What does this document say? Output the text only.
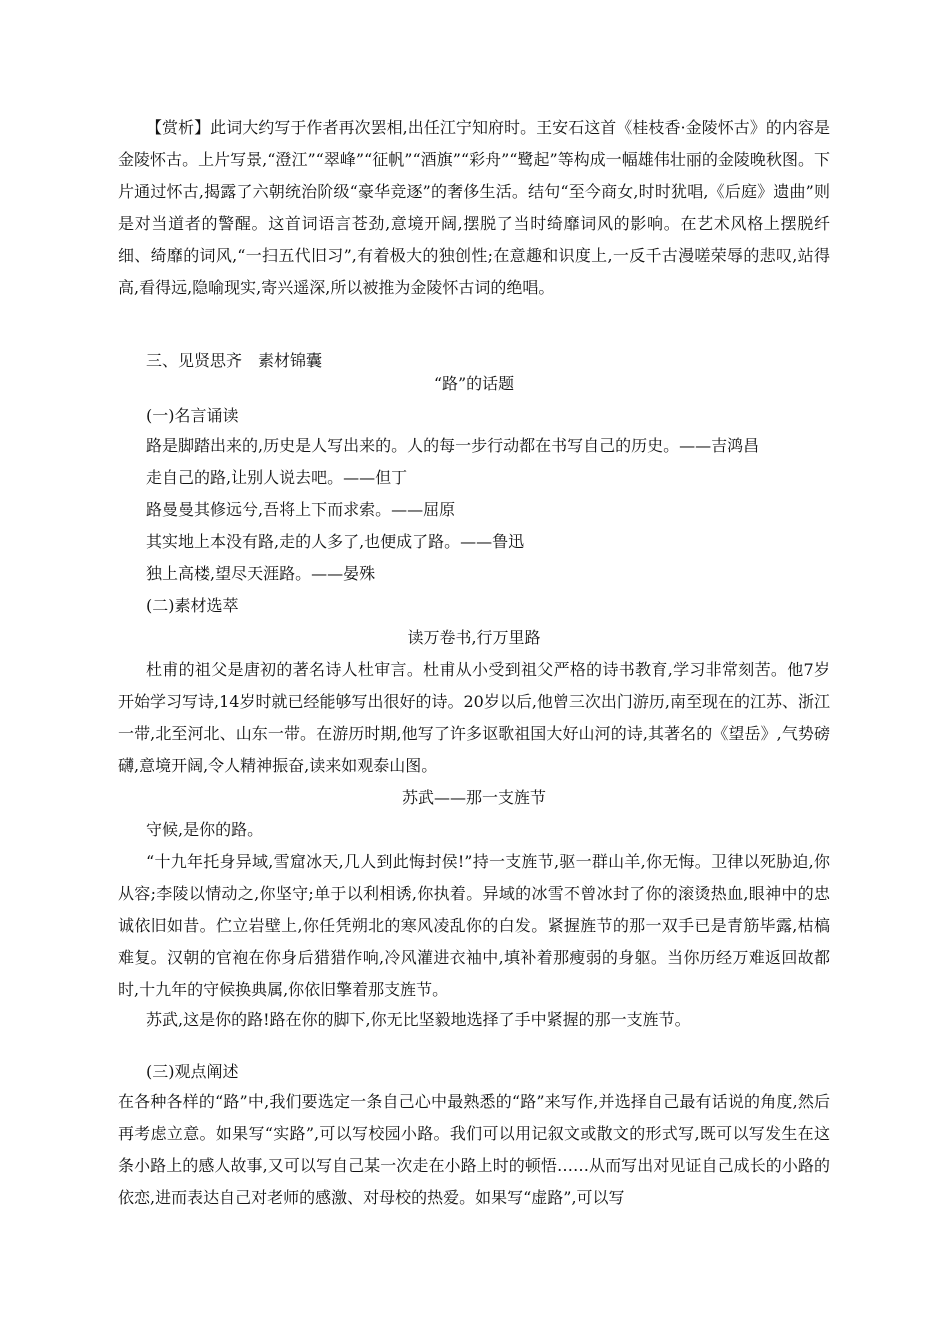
【赏析】此词大约写于作者再次罢相,出任江宁知府时。王安石这首《桂枝香·金陵怀古》的内容是金陵怀古。上片写景,“澄江”“翠峰”“征帆”“酒旗”“彩舟”“鹭起”等构成一幅雄伟壮丽的金陵晚秋图。下片通过怀古,揭露了六朝统治阶级“豪华竞逐”的奢侈生活。结句“至今商女,时时犹唱,《后庭》遗曲”则是对当道者的警醒。这首词语言苍劲,意境开阔,摆脱了当时绮靡词风的影响。在艺术风格上摆脱纤细、绮靡的词风,“一扫五代旧习”,有着极大的独创性;在意趣和识度上,一反千古漫嗟荣辱的悲叹,站得高,看得远,隐喻现实,寄兴遥深,所以被推为金陵怀古词的绝唱。

三、见贤思齐　素材锦囊

“路”的话题

(一)名言诵读

路是脚踏出来的,历史是人写出来的。人的每一步行动都在书写自己的历史。——吉鸿昌

走自己的路,让别人说去吧。——但丁

路曼曼其修远兮,吾将上下而求索。——屈原

其实地上本没有路,走的人多了,也便成了路。——鲁迅

独上高楼,望尽天涯路。——晏殊

(二)素材选萃

读万卷书,行万里路

杜甫的祖父是唐初的著名诗人杜审言。杜甫从小受到祖父严格的诗书教育,学习非常刻苦。他7岁开始学习写诗,14岁时就已经能够写出很好的诗。20岁以后,他曾三次出门游历,南至现在的江苏、浙江一带,北至河北、山东一带。在游历时期,他写了许多讴歌祖国大好山河的诗,其著名的《望岳》,气势磅礴,意境开阔,令人精神振奋,读来如观泰山图。

苏武——那一支旌节

守候,是你的路。

“十九年托身异域,雪窟冰天,几人到此悔封侯!”持一支旌节,驱一群山羊,你无悔。卫律以死胁迫,你从容;李陵以情动之,你坚守;单于以利相诱,你执着。异域的冰雪不曾冰封了你的滚烫热血,眼神中的忠诚依旧如昔。伫立岩壁上,你任凭朔北的寒风凌乱你的白发。紧握旌节的那一双手已是青筋毕露,枯槁难复。汉朝的官袍在你身后猎猎作响,冷风灌进衣袖中,填补着那瘦弱的身躯。当你历经万难返回故都时,十九年的守候换典属,你依旧擎着那支旌节。

苏武,这是你的路!路在你的脚下,你无比坚毅地选择了手中紧握的那一支旌节。

(三)观点阐述

在各种各样的“路”中,我们要选定一条自己心中最熟悉的“路”来写作,并选择自己最有话说的角度,然后再考虑立意。如果写“实路”,可以写校园小路。我们可以用记叙文或散文的形式写,既可以写发生在这条小路上的感人故事,又可以写自己某一次走在小路上时的顿悟……从而写出对见证自己成长的小路的依恋,进而表达自己对老师的感激、对母校的热爱。如果写“虚路”,可以写
